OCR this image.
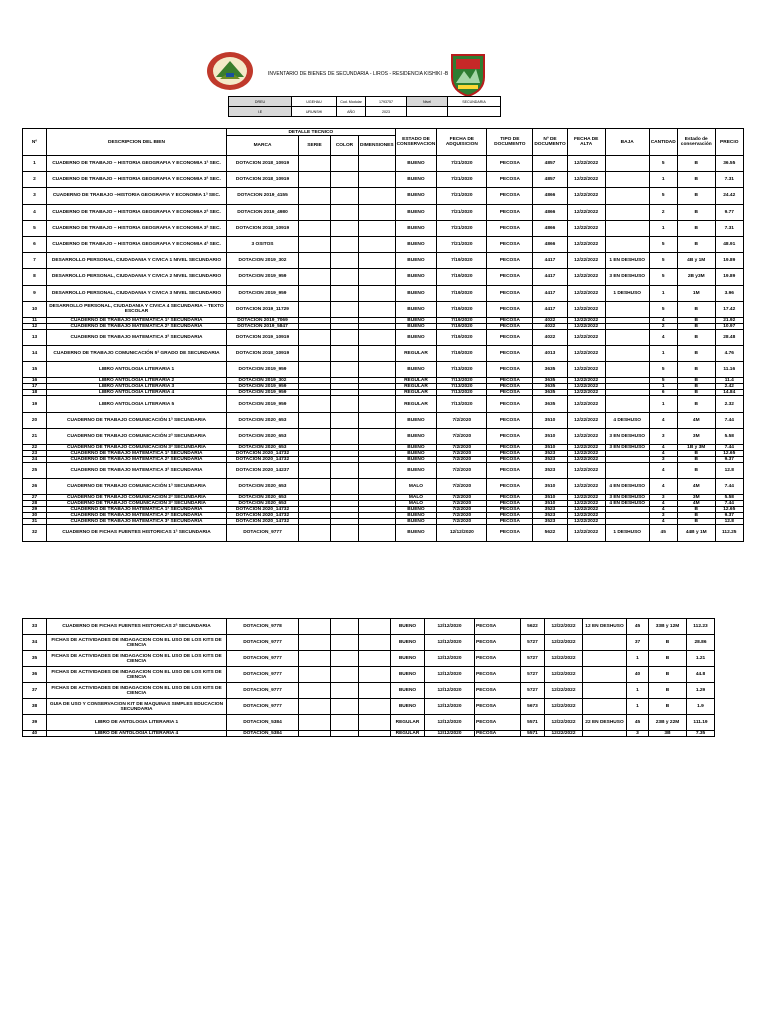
INVENTARIO DE BIENES DE SECUNDARIA - LIROS - RESIDENCIA KISHIKI -B
DREU	UGEHAU	Cod. Modular	1793757	Nivel	SECUNDARIA
I.E	URUNSHI	AÑO	2023		
Nº	DESCRIPCION DEL BIEN	DETALLE TECNICO				ESTADO DE CONSERVACION	FECHA DE ADQUISICION	TIPO DE DOCUMENTO	Nº DE DOCUMENTO	FECHA DE ALTA	BAJA	CANTIDAD	Estado de conservación	PRECIO
		MARCA	SERIE	COLOR	DIMENSIONES									
1	CUADERNO DE TRABAJO – HISTORIA GEOGRAFIA Y ECONOMIA 1ª SEC.	DOTACION 2018_10919				BUENO	7/21/2020	PECOSA	4857	12/22/2022		5	B	36.55
2	CUADERNO DE TRABAJO – HISTORIA GEOGRAFIA Y ECONOMIA 3ª SEC.	DOTACION 2018_10919				BUENO	7/21/2020	PECOSA	4857	12/22/2022		1	B	7.31
3	CUADERNO DE TRABAJO –HISTORIA GEOGRAFIA Y ECONOMIA 1ª SEC.	DOTACION 2019_4155				BUENO	7/21/2020	PECOSA	4866	12/22/2022		5	B	24.42
4	CUADERNO DE TRABAJO – HISTORIA GEOGRAFIA Y ECONOMIA 2ª SEC.	DOTACION 2019_4980				BUENO	7/21/2020	PECOSA	4866	12/22/2022		2	B	9.77
5	CUADERNO DE TRABAJO – HISTORIA GEOGRAFIA Y ECONOMIA 3ª SEC.	DOTACION 2018_10919				BUENO	7/21/2020	PECOSA	4866	12/22/2022		1	B	7.31
6	CUADERNO DE TRABAJO – HISTORIA GEOGRAFIA Y ECONOMIA 4ª SEC.	3 OSITOS				BUENO	7/21/2020	PECOSA	4866	12/22/2022		5	B	48.91
7	DESARROLLO PERSONAL, CIUDADANIA Y CIVICA 1 NIVEL SECUNDARIO	DOTACION 2019_302				BUENO	7/19/2020	PECOSA	4417	12/22/2022	1 EN DESHUSO	5	4B y 1M	19.89
8	DESARROLLO PERSONAL, CIUDADANIA Y CIVICA 2 NIVEL SECUNDARIO	DOTACION 2019_959				BUENO	7/19/2020	PECOSA	4417	12/22/2022	3 EN DESHUSO	5	2B y3M	19.89
9	DESARROLLO PERSONAL, CIUDADANIA Y CIVICA 3 NIVEL SECUNDARIO	DOTACION 2019_959				BUENO	7/19/2020	PECOSA	4417	12/22/2022	1 DESHUSO	1	1M	3.96
10	DESARROLLO PERSONAL, CIUDADANIA Y CIVICA 4 SECUNDARIA – TEXTO ESCOLAR	DOTACION 2019_11729				BUENO	7/19/2020	PECOSA	4417	12/22/2022		5	B	17.42
11	CUADERNO DE TRABAJO MATEMATICA 1ª SECUNDARIA	DOTACION 2019_7069				BUENO	7/19/2020	PECOSA	4022	12/22/2022		4	B	21.92
12	CUADERNO DE TRABAJO MATEMATICA 2ª SECUNDARIA	DOTACION 2019_5847				BUENO	7/19/2020	PECOSA	4022	12/22/2022		2	B	10.97
13	CUADERNO DE TRABAJO MATEMATICA 3ª SECUNDARIA	DOTACION 2019_10919				BUENO	7/19/2020	PECOSA	4022	12/22/2022		4	B	28.48
14	CUADERNO DE TRABAJO COMUNICACIÓN 5ª GRADO DE SECUNDARIA	DOTACION 2019_10919				REGULAR	7/19/2020	PECOSA	4013	12/22/2022		1	B	4.76
15	LIBRO ANTOLOGIA LITERARIA 1	DOTACION 2019_959				BUENO	7/13/2020	PECOSA	3635	12/22/2022		5	B	11.16
16	LIBRO ANTOLOGIA LITERARIA 2	DOTACION 2019_302				REGULAR	7/13/2020	PECOSA	3635	12/22/2022		5	B	11.4
17	LIBRO ANTOLOGIA LITERARIA 3	DOTACION 2019_959				REGULAR	7/13/2020	PECOSA	3635	12/22/2022		1	B	2.42
18	LIBRO ANTOLOGIA LITERARIA 4	DOTACION 2019_959				REGULAR	7/13/2020	PECOSA	3635	12/22/2022		6	B	14.84
19	LIBRO ANTOLOGIA LITERARIA 5	DOTACION 2019_959				REGULAR	7/13/2020	PECOSA	3635	12/22/2022		1	B	2.32
20	CUADERNO DE TRABAJO COMUNICACIÓN 1ª SECUNDARIA	DOTACION 2020_653				BUENO	7/2/2020	PECOSA	3510	12/22/2022	4 DESHUSO	4	4M	7.44
21	CUADERNO DE TRABAJO COMUNICACIÓN 2ª SECUNDARIA	DOTACION 2020_653				BUENO	7/2/2020	PECOSA	3510	12/22/2022	3 EN DESHUSO	3	3M	5.58
22	CUADERNO DE TRABAJO COMUNICACIÓN 3ª SECUNDARIA	DOTACION 2020_653				BUENO	7/2/2020	PECOSA	3510	12/22/2022	3 EN DESHUSO	4	1B y 3M	7.44
23	CUADERNO DE TRABAJO MATEMATICA 1ª SECUNDARIA	DOTACION 2020_14732				BUENO	7/2/2020	PECOSA	3523	12/22/2022		4	B	12.65
24	CUADERNO DE TRABAJO MATEMATICA 2ª SECUNDARIA	DOTACION 2020_14732				BUENO	7/2/2020	PECOSA	3523	12/22/2022		3	B	9.37
25	CUADERNO DE TRABAJO MATEMATICA 3ª SECUNDARIA	DOTACION 2020_14237				BUENO	7/2/2020	PECOSA	3523	12/22/2022		4	B	12.8
26	CUADERNO DE TRABAJO COMUNICACIÓN 1ª SECUNDARIA	DOTACION 2020_653				MALO	7/2/2020	PECOSA	3510	12/22/2022	4 EN DESHUSO	4	4M	7.44
27	CUADERNO DE TRABAJO COMUNICACIÓN 2ª SECUNDARIA	DOTACION 2020_653				MALO	7/2/2020	PECOSA	3510	12/22/2022	3 EN DESHUSO	3	3M	5.58
28	CUADERNO DE TRABAJO COMUNICACIÓN 3ª SECUNDARIA	DOTACION 2020_653				MALO	7/2/2020	PECOSA	3510	12/22/2022	4 EN DESHUSO	4	4M	7.44
29	CUADERNO DE TRABAJO MATEMATICA 1ª SECUNDARIA	DOTACION 2020_14732				BUENO	7/2/2020	PECOSA	3523	12/22/2022		4	B	12.65
30	CUADERNO DE TRABAJO MATEMATICA 2ª SECUNDARIA	DOTACION 2020_14732				BUENO	7/2/2020	PECOSA	3523	12/22/2022		3	B	9.37
31	CUADERNO DE TRABAJO MATEMATICA 3ª SECUNDARIA	DOTACION 2020_14732				BUENO	7/2/2020	PECOSA	3523	12/22/2022		4	B	12.8
32	CUADERNO DE FICHAS FUENTES HISTORICAS 1ª SECUNDARIA	DOTACION_9777				BUENO	12/12/2020	PECOSA	5622	12/22/2022	1 DESHUSO	45	44B y 1M	112.25
33	CUADERNO DE FICHAS FUENTES HISTORICAS 2ª SECUNDARIA	DOTACION_9778				BUENO	12/12/2020	PECOSA	5622	12/22/2022	12 EN DESHUSO	45	33B y 12M	112.23
34	FICHAS DE ACTIVIDADES DE INDAGACION CON EL USO DE LOS KITS DE CIENCIA	DOTACION_9777				BUENO	12/12/2020	PECOSA	5727	12/22/2022		37	B	28.86
35	FICHAS DE ACTIVIDADES DE INDAGACION CON EL USO DE LOS KITS DE CIENCIA	DOTACION_9777				BUENO	12/12/2020	PECOSA	5727	12/22/2022		1	B	1.21
36	FICHAS DE ACTIVIDADES DE INDAGACION CON EL USO DE LOS KITS DE CIENCIA	DOTACION_9777				BUENO	12/12/2020	PECOSA	5727	12/22/2022		40	B	44.8
37	FICHAS DE ACTIVIDADES DE INDAGACION CON EL USO DE LOS KITS DE CIENCIA	DOTACION_9777				BUENO	12/12/2020	PECOSA	5727	12/22/2022		1	B	1.29
38	GUIA DE USO Y CONSERVACION KIT DE MAQUINAS SIMPLES EDUCACION SECUNDARIA	DOTACION_9777				BUENO	12/12/2020	PECOSA	5673	12/22/2022		1	B	1.9
39	LIBRO DE ANTOLOGIA LITERARIA 1	DOTACION_5384				REGULAR	12/12/2020	PECOSA	5571	12/22/2022	22 EN DESHUSO	45	23B y 22M	111.19
40	LIBRO DE ANTOLOGIA LITERARIA 4	DOTACION_5384				REGULAR	12/12/2020	PECOSA	5571	12/22/2022		3	3B	7.35
